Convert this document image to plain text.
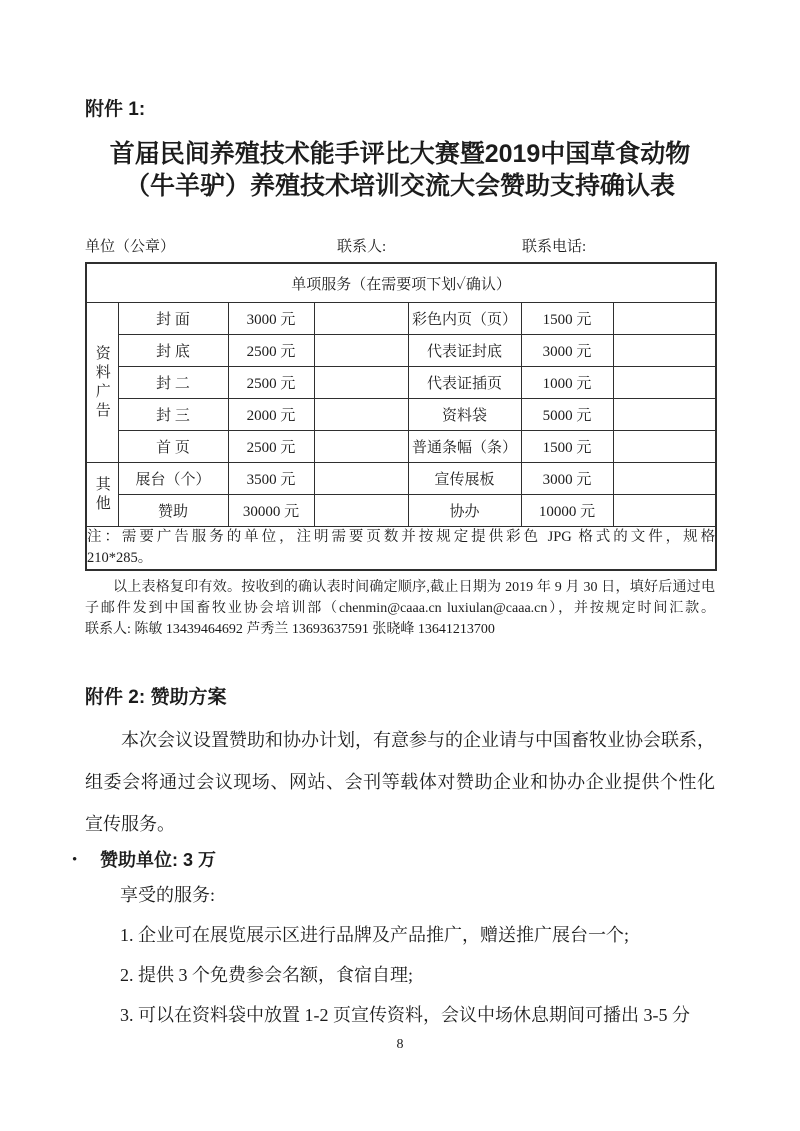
附件 1:
首届民间养殖技术能手评比大赛暨2019中国草食动物
（牛羊驴）养殖技术培训交流大会赞助支持确认表
单位（公章）	联系人:	联系电话:
单项服务（在需要项下划✓确认）						
资料广告	封 面	3000 元		彩色内页（页）	1500 元	
	封 底	2500 元		代表证封底	3000 元	
	封 二	2500 元		代表证插页	1000 元	
	封 三	2000 元		资料袋	5000 元	
	首 页	2500 元		普通条幅（条）	1500 元	
其他	展台（个）	3500 元		宣传展板	3000 元	
	赞助	30000 元		协办	10000 元	

注：需要广告服务的单位，注明需要页数并按规定提供彩色 JPG 格式的文件，规格
210*285。						
以上表格复印有效。按收到的确认表时间确定顺序,截止日期为 2019 年 9 月 30 日，填好后通过电
子邮件发到中国畜牧业协会培训部（chenmin@caaa.cn luxiulan@caaa.cn），并按规定时间汇款。
联系人: 陈敏 13439464692 芦秀兰 13693637591 张晓峰 13641213700
附件 2: 赞助方案
本次会议设置赞助和协办计划，有意参与的企业请与中国畜牧业协会联系，
组委会将通过会议现场、网站、会刊等载体对赞助企业和协办企业提供个性化
宣传服务。
• 赞助单位: 3 万
享受的服务:
1. 企业可在展览展示区进行品牌及产品推广，赠送推广展台一个;
2. 提供 3 个免费参会名额，食宿自理;
3. 可以在资料袋中放置 1-2 页宣传资料，会议中场休息期间可播出 3-5 分
8
